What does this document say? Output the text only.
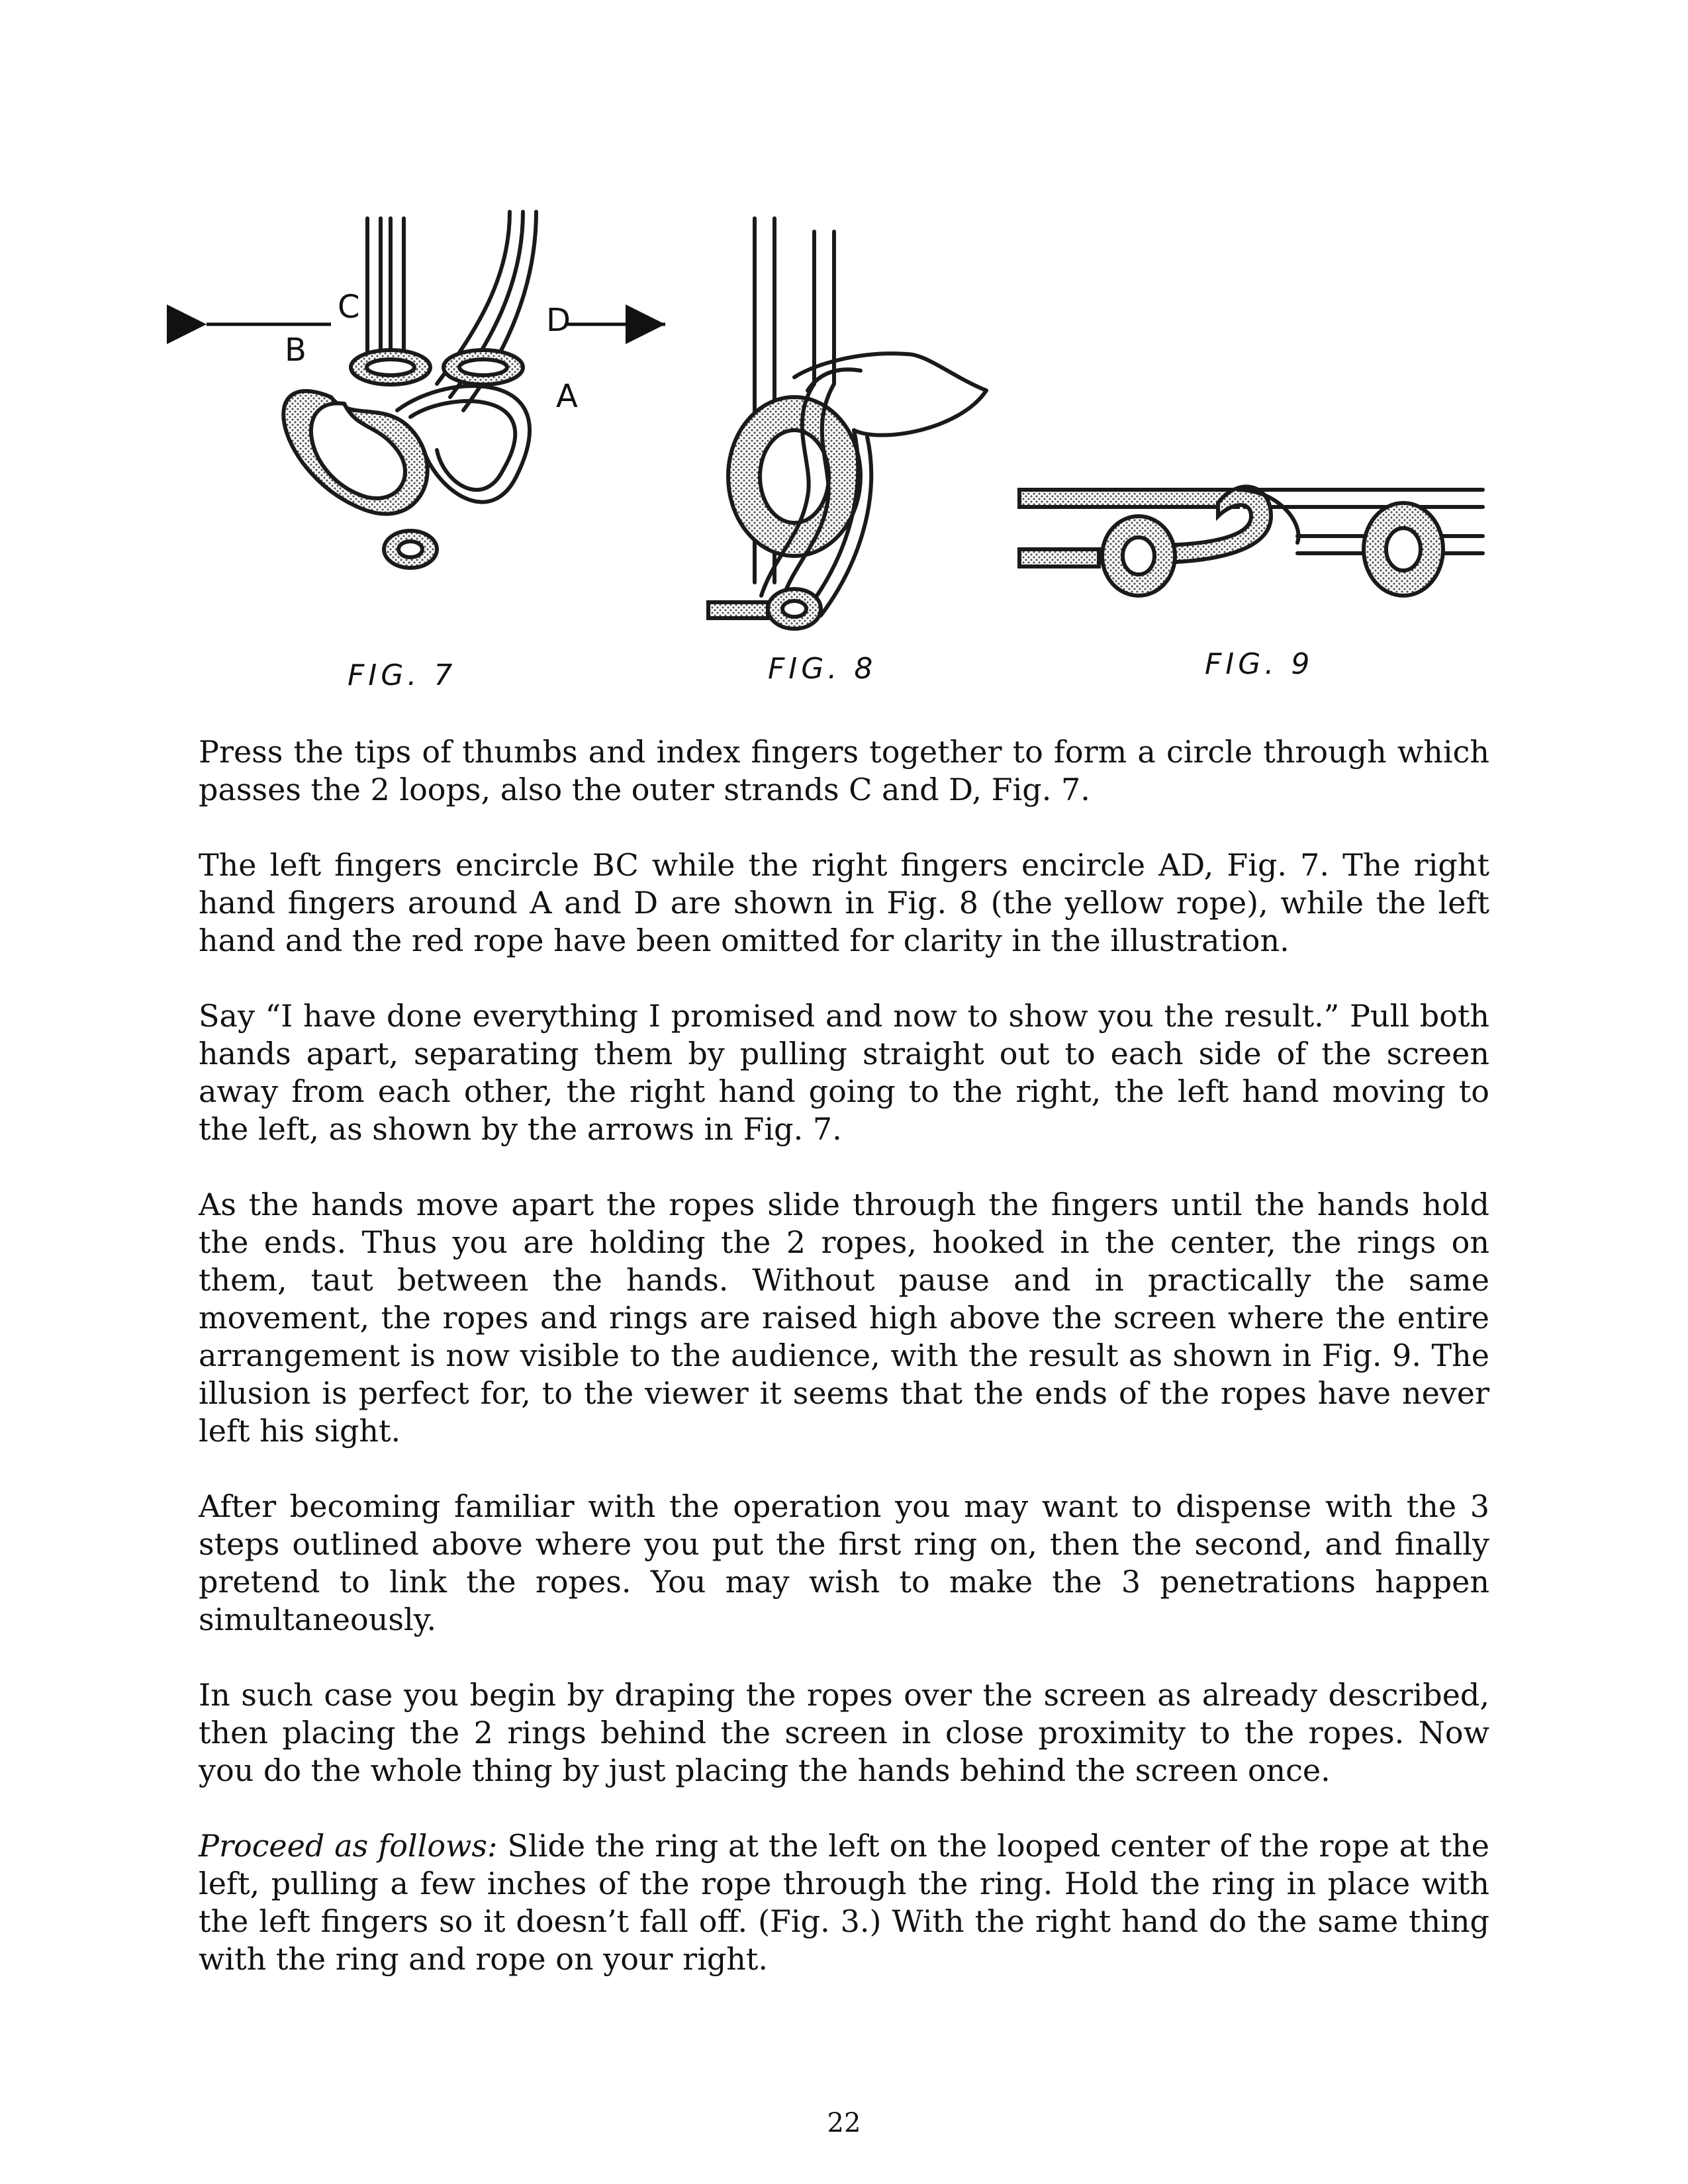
B
C	D
A
FIG. 7	FIG. 8	FIG. 9

Press the tips of thumbs and index fingers together to form a circle through which passes the 2 loops, also the outer strands C and D, Fig. 7.

The left fingers encircle BC while the right fingers encircle AD, Fig. 7. The right hand fingers around A and D are shown in Fig. 8 (the yellow rope), while the left hand and the red rope have been omitted for clarity in the illustration.

Say “I have done everything I promised and now to show you the result.” Pull both hands apart, separating them by pulling straight out to each side of the screen away from each other, the right hand going to the right, the left hand moving to the left, as shown by the arrows in Fig. 7.

As the hands move apart the ropes slide through the fingers until the hands hold the ends. Thus you are holding the 2 ropes, hooked in the center, the rings on them, taut between the hands. Without pause and in practically the same movement, the ropes and rings are raised high above the screen where the entire arrangement is now visible to the audience, with the result as shown in Fig. 9. The illusion is perfect for, to the viewer it seems that the ends of the ropes have never left his sight.

After becoming familiar with the operation you may want to dispense with the 3 steps outlined above where you put the first ring on, then the second, and finally pretend to link the ropes. You may wish to make the 3 penetrations happen simultaneously.

In such case you begin by draping the ropes over the screen as already described, then placing the 2 rings behind the screen in close proximity to the ropes. Now you do the whole thing by just placing the hands behind the screen once.

Proceed as follows: Slide the ring at the left on the looped center of the rope at the left, pulling a few inches of the rope through the ring. Hold the ring in place with the left fingers so it doesn’t fall off. (Fig. 3.) With the right hand do the same thing with the ring and rope on your right.

22
